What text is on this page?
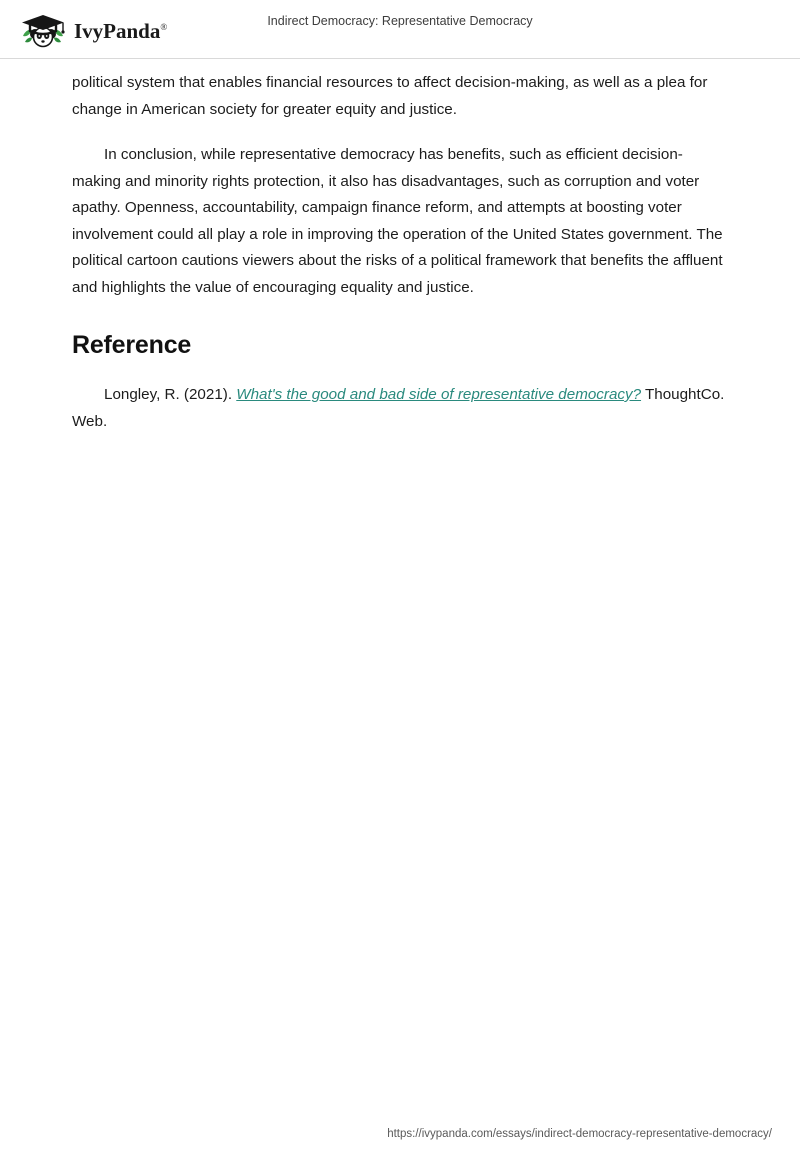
IvyPanda®	Indirect Democracy: Representative Democracy

political system that enables financial resources to affect decision-making, as well as a plea for change in American society for greater equity and justice.

In conclusion, while representative democracy has benefits, such as efficient decision-making and minority rights protection, it also has disadvantages, such as corruption and voter apathy. Openness, accountability, campaign finance reform, and attempts at boosting voter involvement could all play a role in improving the operation of the United States government. The political cartoon cautions viewers about the risks of a political framework that benefits the affluent and highlights the value of encouraging equality and justice.

Reference

Longley, R. (2021). What's the good and bad side of representative democracy? ThoughtCo. Web.

https://ivypanda.com/essays/indirect-democracy-representative-democracy/
